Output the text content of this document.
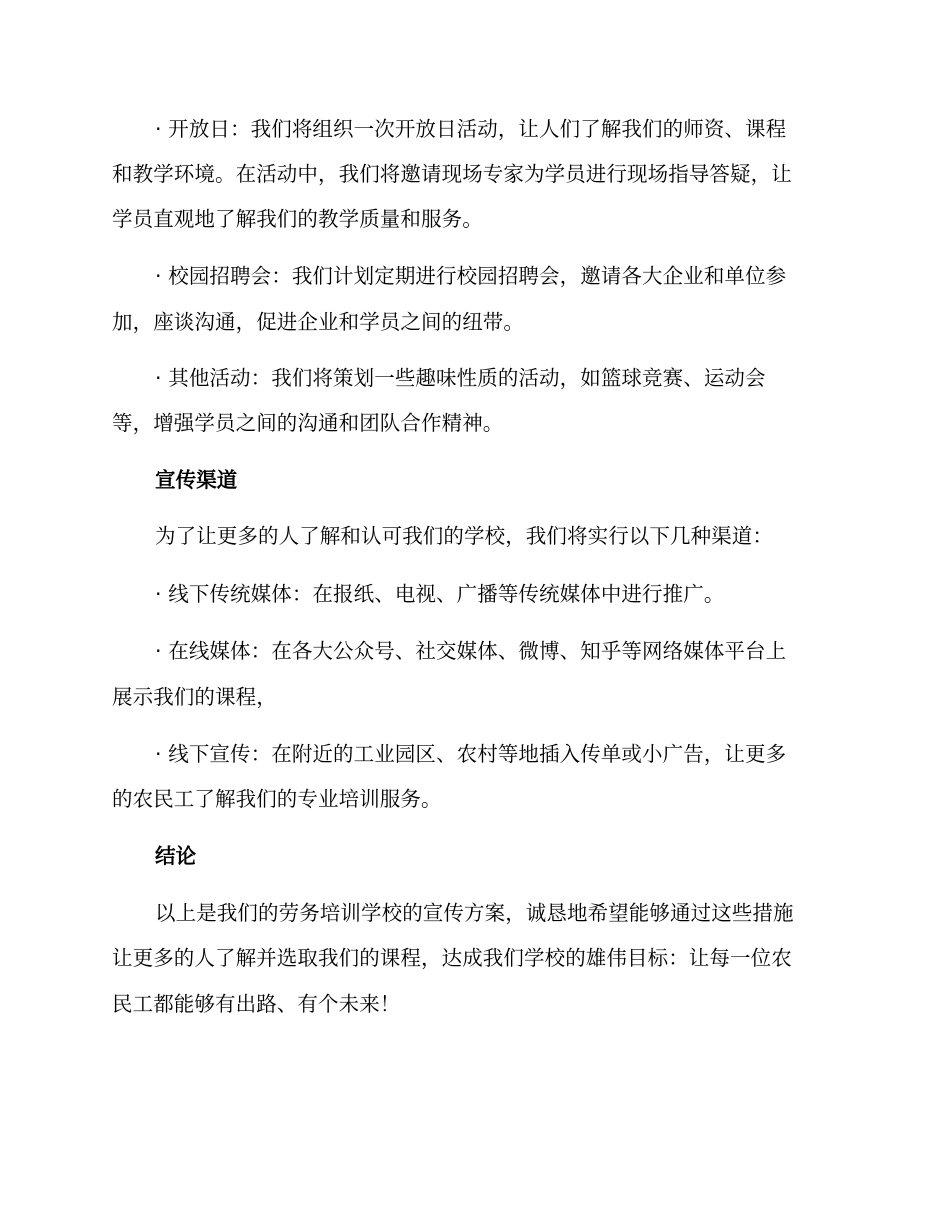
· 开放日：我们将组织一次开放日活动，让人们了解我们的师资、课程
和教学环境。在活动中，我们将邀请现场专家为学员进行现场指导答疑，让
学员直观地了解我们的教学质量和服务。
· 校园招聘会：我们计划定期进行校园招聘会，邀请各大企业和单位参
加，座谈沟通，促进企业和学员之间的纽带。
· 其他活动：我们将策划一些趣味性质的活动，如篮球竞赛、运动会
等，增强学员之间的沟通和团队合作精神。
宣传渠道
为了让更多的人了解和认可我们的学校，我们将实行以下几种渠道：
· 线下传统媒体：在报纸、电视、广播等传统媒体中进行推广。
· 在线媒体：在各大公众号、社交媒体、微博、知乎等网络媒体平台上
展示我们的课程，
· 线下宣传：在附近的工业园区、农村等地插入传单或小广告，让更多
的农民工了解我们的专业培训服务。
结论
以上是我们的劳务培训学校的宣传方案，诚恳地希望能够通过这些措施
让更多的人了解并选取我们的课程，达成我们学校的雄伟目标：让每一位农
民工都能够有出路、有个未来！
